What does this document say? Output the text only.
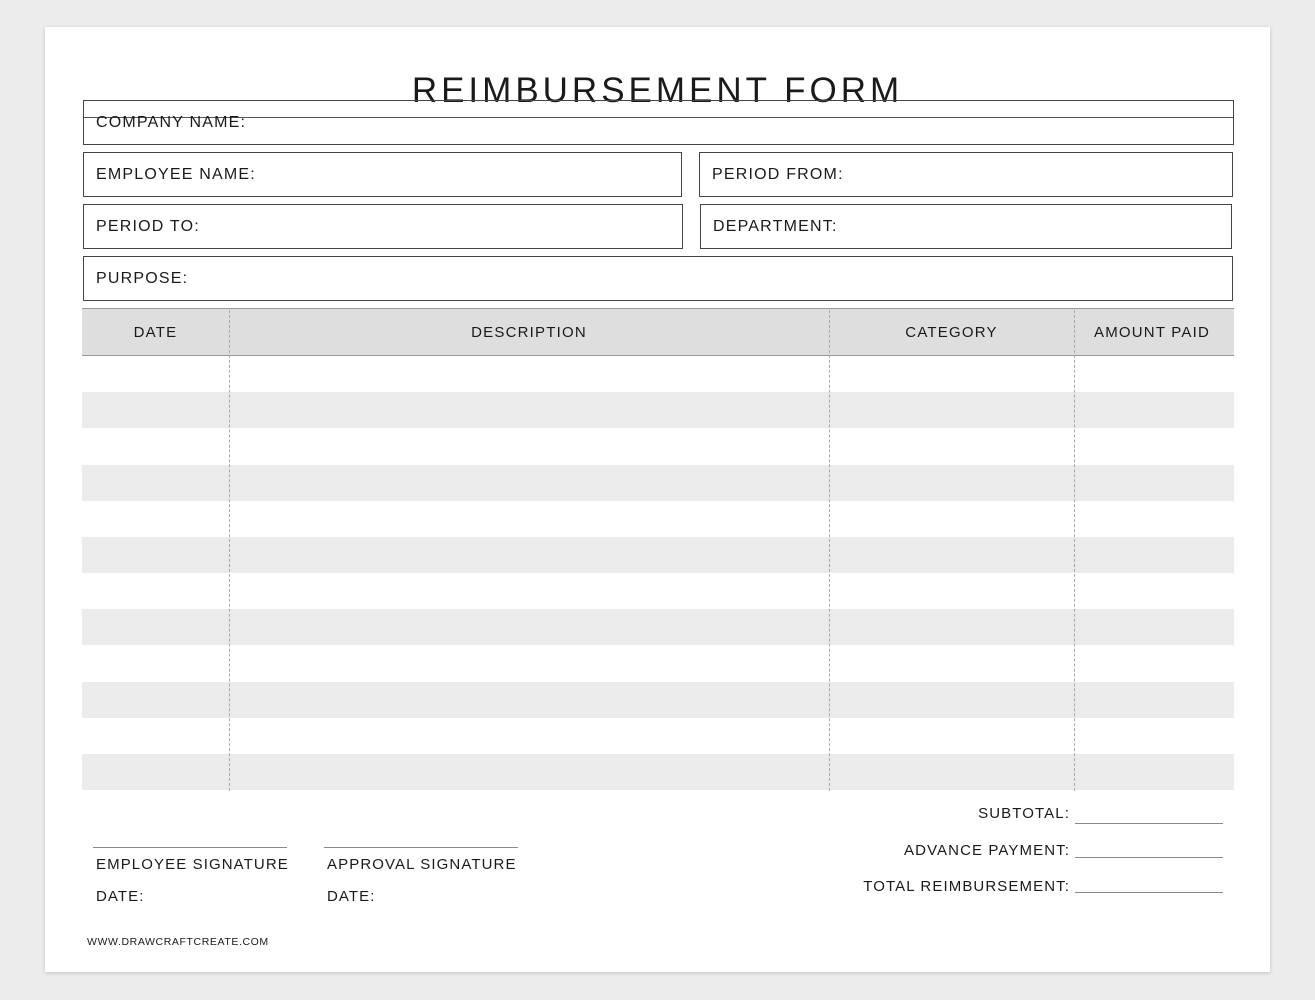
REIMBURSEMENT FORM
COMPANY NAME:
EMPLOYEE NAME:	PERIOD FROM:
PERIOD TO:	DEPARTMENT:
PURPOSE:
DATE	DESCRIPTION	CATEGORY	AMOUNT PAID
SUBTOTAL:
ADVANCE PAYMENT:
TOTAL REIMBURSEMENT:
EMPLOYEE SIGNATURE
DATE:
APPROVAL SIGNATURE
DATE:
WWW.DRAWCRAFTCREATE.COM
